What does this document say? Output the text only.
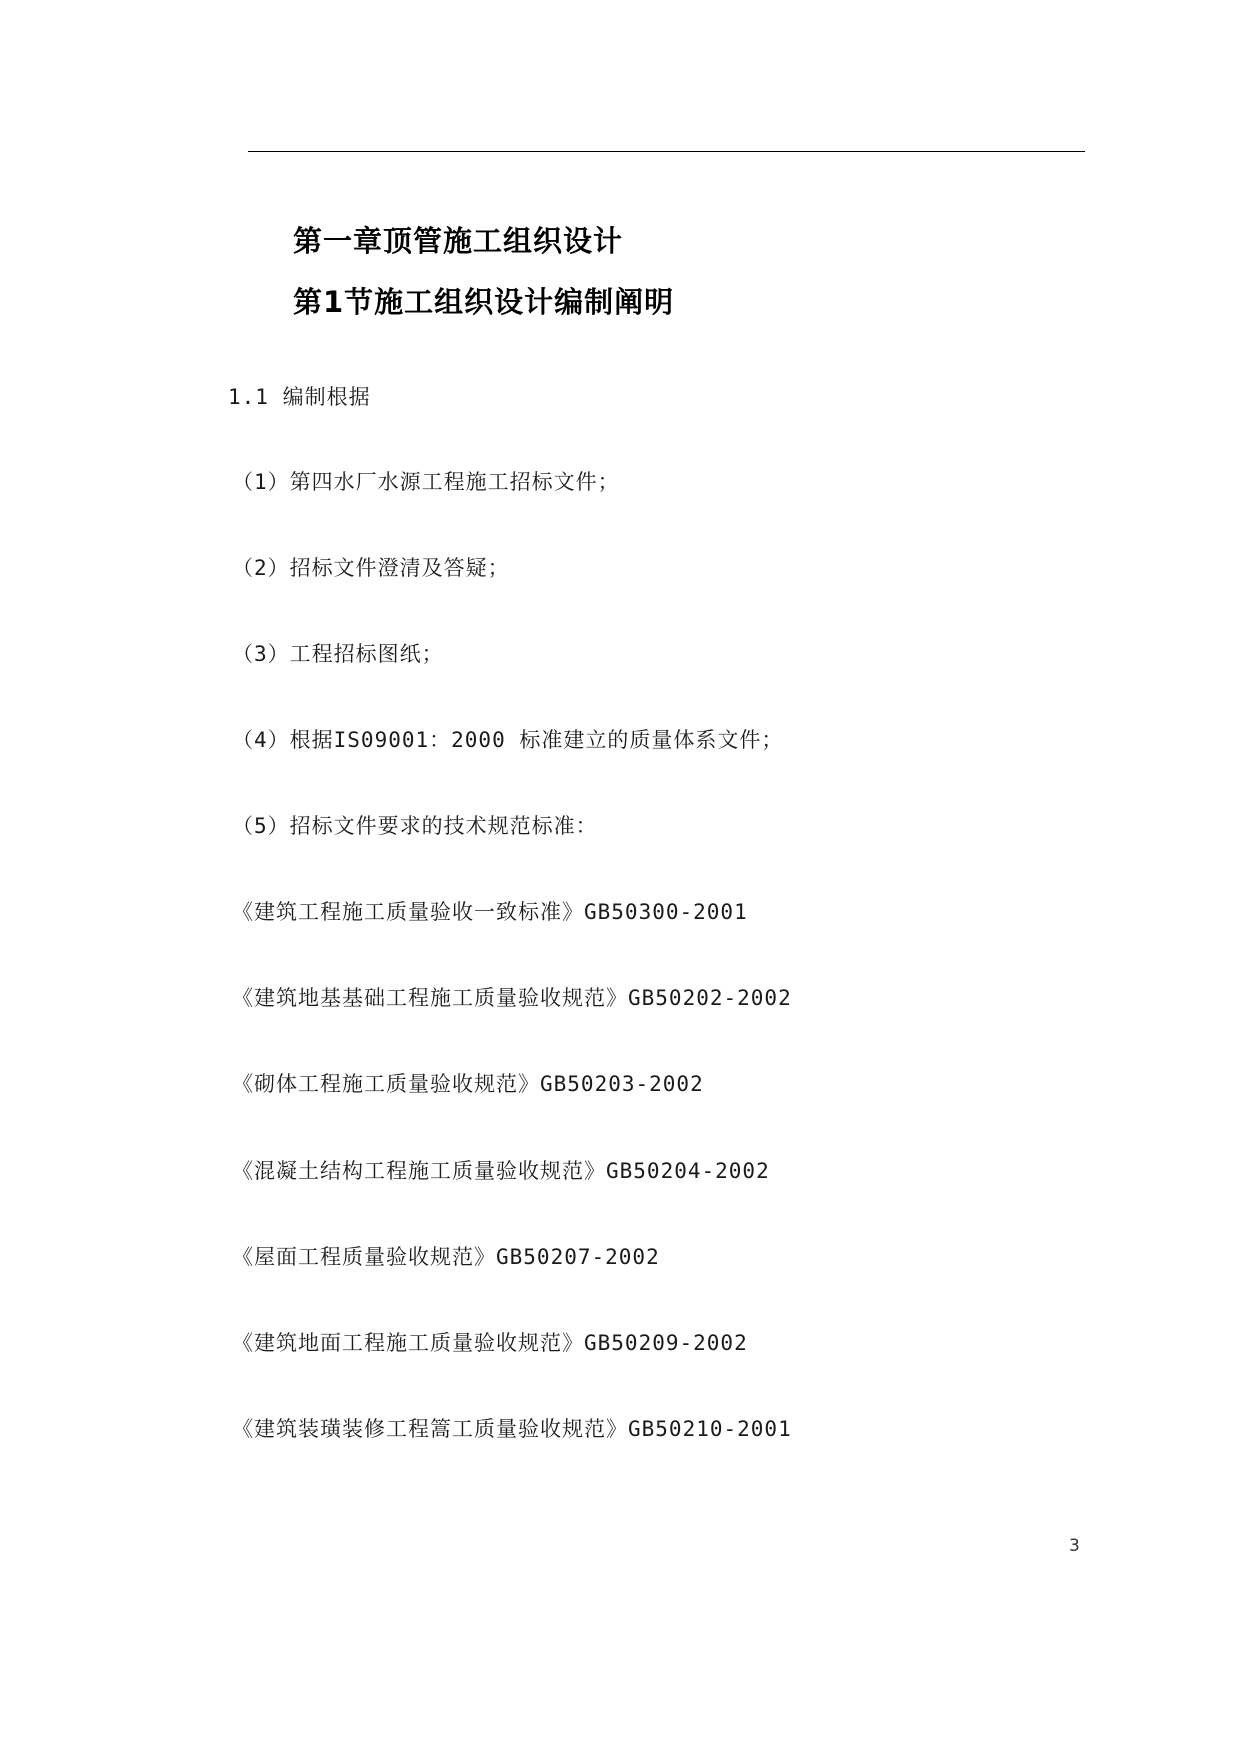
第一章顶管施工组织设计
第1节施工组织设计编制阐明
1.1 编制根据
（1）第四水厂水源工程施工招标文件；
（2）招标文件澄清及答疑；
（3）工程招标图纸；
（4）根据IS09001：2000 标准建立的质量体系文件；
（5）招标文件要求的技术规范标准：
《建筑工程施工质量验收一致标准》GB50300-2001
《建筑地基基础工程施工质量验收规范》GB50202-2002
《砌体工程施工质量验收规范》GB50203-2002
《混凝土结构工程施工质量验收规范》GB50204-2002
《屋面工程质量验收规范》GB50207-2002
《建筑地面工程施工质量验收规范》GB50209-2002
《建筑装璜装修工程篙工质量验收规范》GB50210-2001
3
